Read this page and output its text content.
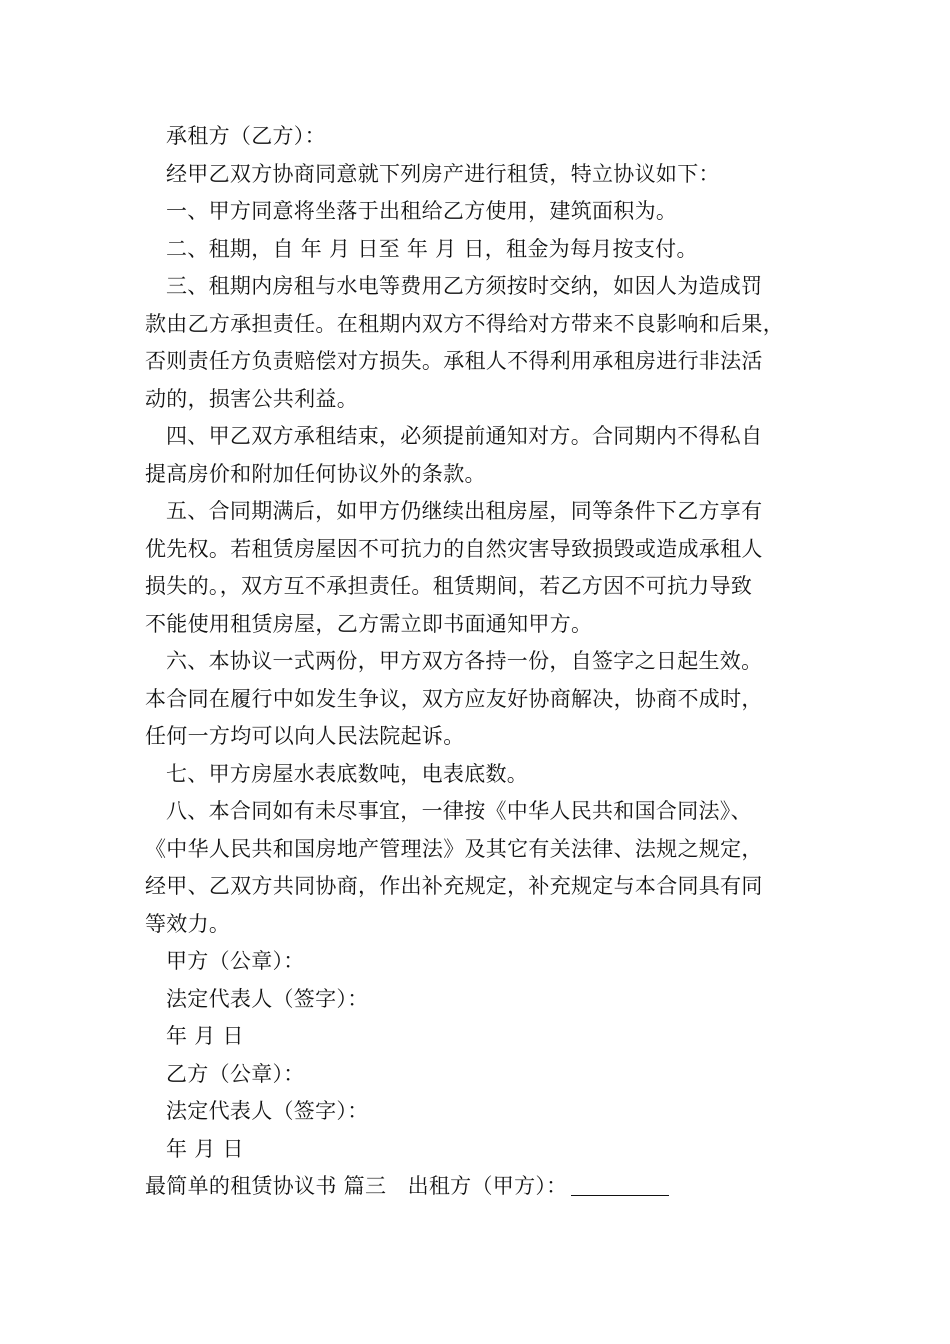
承租方（乙方）：
经甲乙双方协商同意就下列房产进行租赁，特立协议如下：
一、甲方同意将坐落于出租给乙方使用，建筑面积为。
二、租期，自 年 月 日至 年 月 日，租金为每月按支付。
三、租期内房租与水电等费用乙方须按时交纳，如因人为造成罚
款由乙方承担责任。在租期内双方不得给对方带来不良影响和后果，
否则责任方负责赔偿对方损失。承租人不得利用承租房进行非法活
动的，损害公共利益。
四、甲乙双方承租结束，必须提前通知对方。合同期内不得私自
提高房价和附加任何协议外的条款。
五、合同期满后，如甲方仍继续出租房屋，同等条件下乙方享有
优先权。若租赁房屋因不可抗力的自然灾害导致损毁或造成承租人
损失的。，双方互不承担责任。租赁期间，若乙方因不可抗力导致
不能使用租赁房屋，乙方需立即书面通知甲方。
六、本协议一式两份，甲方双方各持一份，自签字之日起生效。
本合同在履行中如发生争议，双方应友好协商解决，协商不成时，
任何一方均可以向人民法院起诉。
七、甲方房屋水表底数吨，电表底数。
八、本合同如有未尽事宜，一律按《中华人民共和国合同法》、
《中华人民共和国房地产管理法》及其它有关法律、法规之规定，
经甲、乙双方共同协商，作出补充规定，补充规定与本合同具有同
等效力。
甲方（公章）：
法定代表人（签字）：
年 月 日
乙方（公章）：
法定代表人（签字）：
年 月 日
最简单的租赁协议书 篇三　出租方（甲方）：
